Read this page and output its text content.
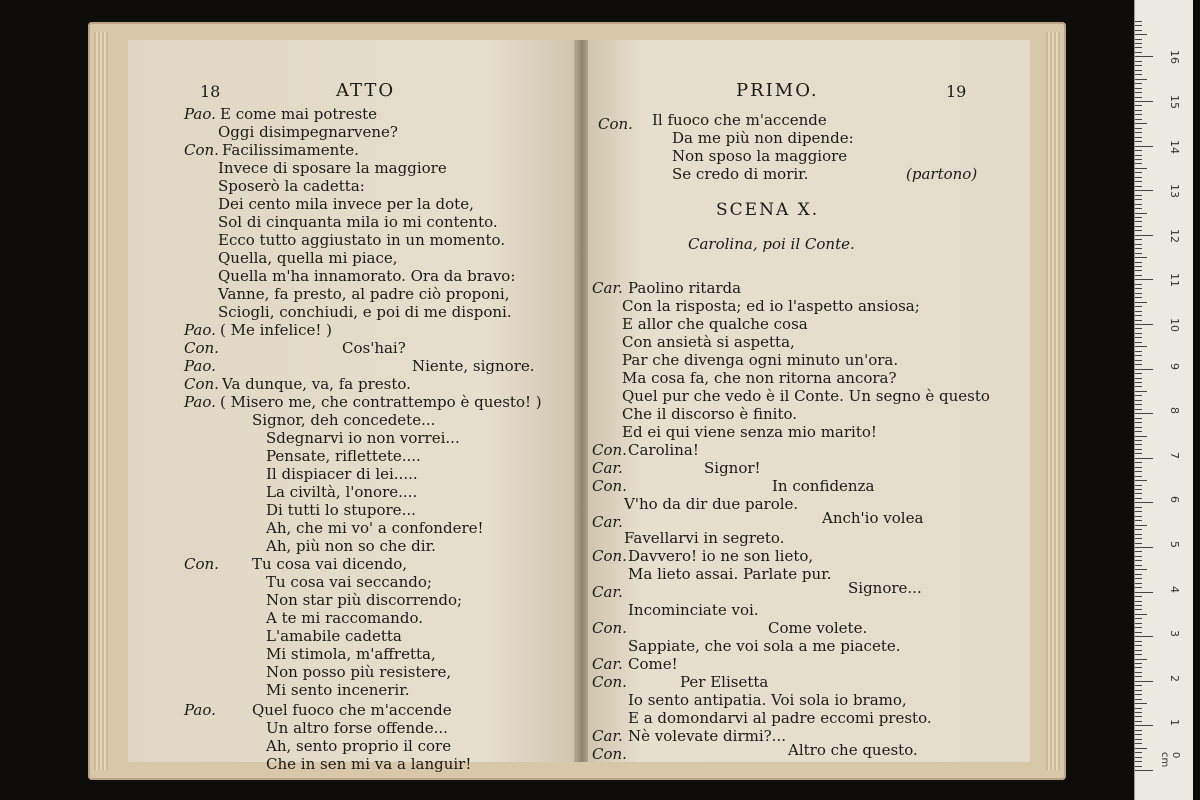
18	ATTO
Pao. E come mai potreste
Oggi disimpegnarvene?
Con. Facilissimamente.
Invece di sposare la maggiore
Sposerò la cadetta:
Dei cento mila invece per la dote,
Sol di cinquanta mila io mi contento.
Ecco tutto aggiustato in un momento.
Quella, quella mi piace,
Quella m'ha innamorato. Ora da bravo:
Vanne, fa presto, al padre ciò proponi,
Sciogli, conchiudi, e poi di me disponi.
Pao. ( Me infelice! )
Con.	Cos'hai?
Pao.	Niente, signore.
Con. Va dunque, va, fa presto.
Pao. ( Misero me, che contrattempo è questo! )
Signor, deh concedete...
Sdegnarvi io non vorrei...
Pensate, riflettete....
Il dispiacer di lei.....
La civiltà, l'onore....
Di tutti lo stupore...
Ah, che mi vo' a confondere!
Ah, più non so che dir.
Con. Tu cosa vai dicendo,
Tu cosa vai seccando;
Non star più discorrendo;
A te mi raccomando.
L'amabile cadetta
Mi stimola, m'affretta,
Non posso più resistere,
Mi sento incenerir.
Pao. Quel fuoco che m'accende
Un altro forse offende...
Ah, sento proprio il core
Che in sen mi va a languir!
PRIMO.	19
Con. Il fuoco che m'accende
Da me più non dipende:
Non sposo la maggiore
Se credo di morir.	(partono)
SCENA X.
Carolina, poi il Conte.
Car. Paolino ritarda
Con la risposta; ed io l'aspetto ansiosa;
E allor che qualche cosa
Con ansietà si aspetta,
Par che divenga ogni minuto un'ora.
Ma cosa fa, che non ritorna ancora?
Quel pur che vedo è il Conte. Un segno è questo
Che il discorso è finito.
Ed ei qui viene senza mio marito!
Con. Carolina!
Car.	Signor!
Con.	In confidenza
V'ho da dir due parole.
Car.	Anch'io volea
Favellarvi in segreto.
Con. Davvero! io ne son lieto,
Ma lieto assai. Parlate pur.
Car.	Signore...
Incominciate voi.
Con.	Come volete.
Sappiate, che voi sola a me piacete.
Car. Come!
Con.	Per Elisetta
Io sento antipatia. Voi sola io bramo,
E a domondarvi al padre eccomi presto.
Car. Nè volevate dirmi?...
Con.	Altro che questo.	0 cm
1
2
3
4
5
6
7
8
9
10
11
12
13
14
15
16
